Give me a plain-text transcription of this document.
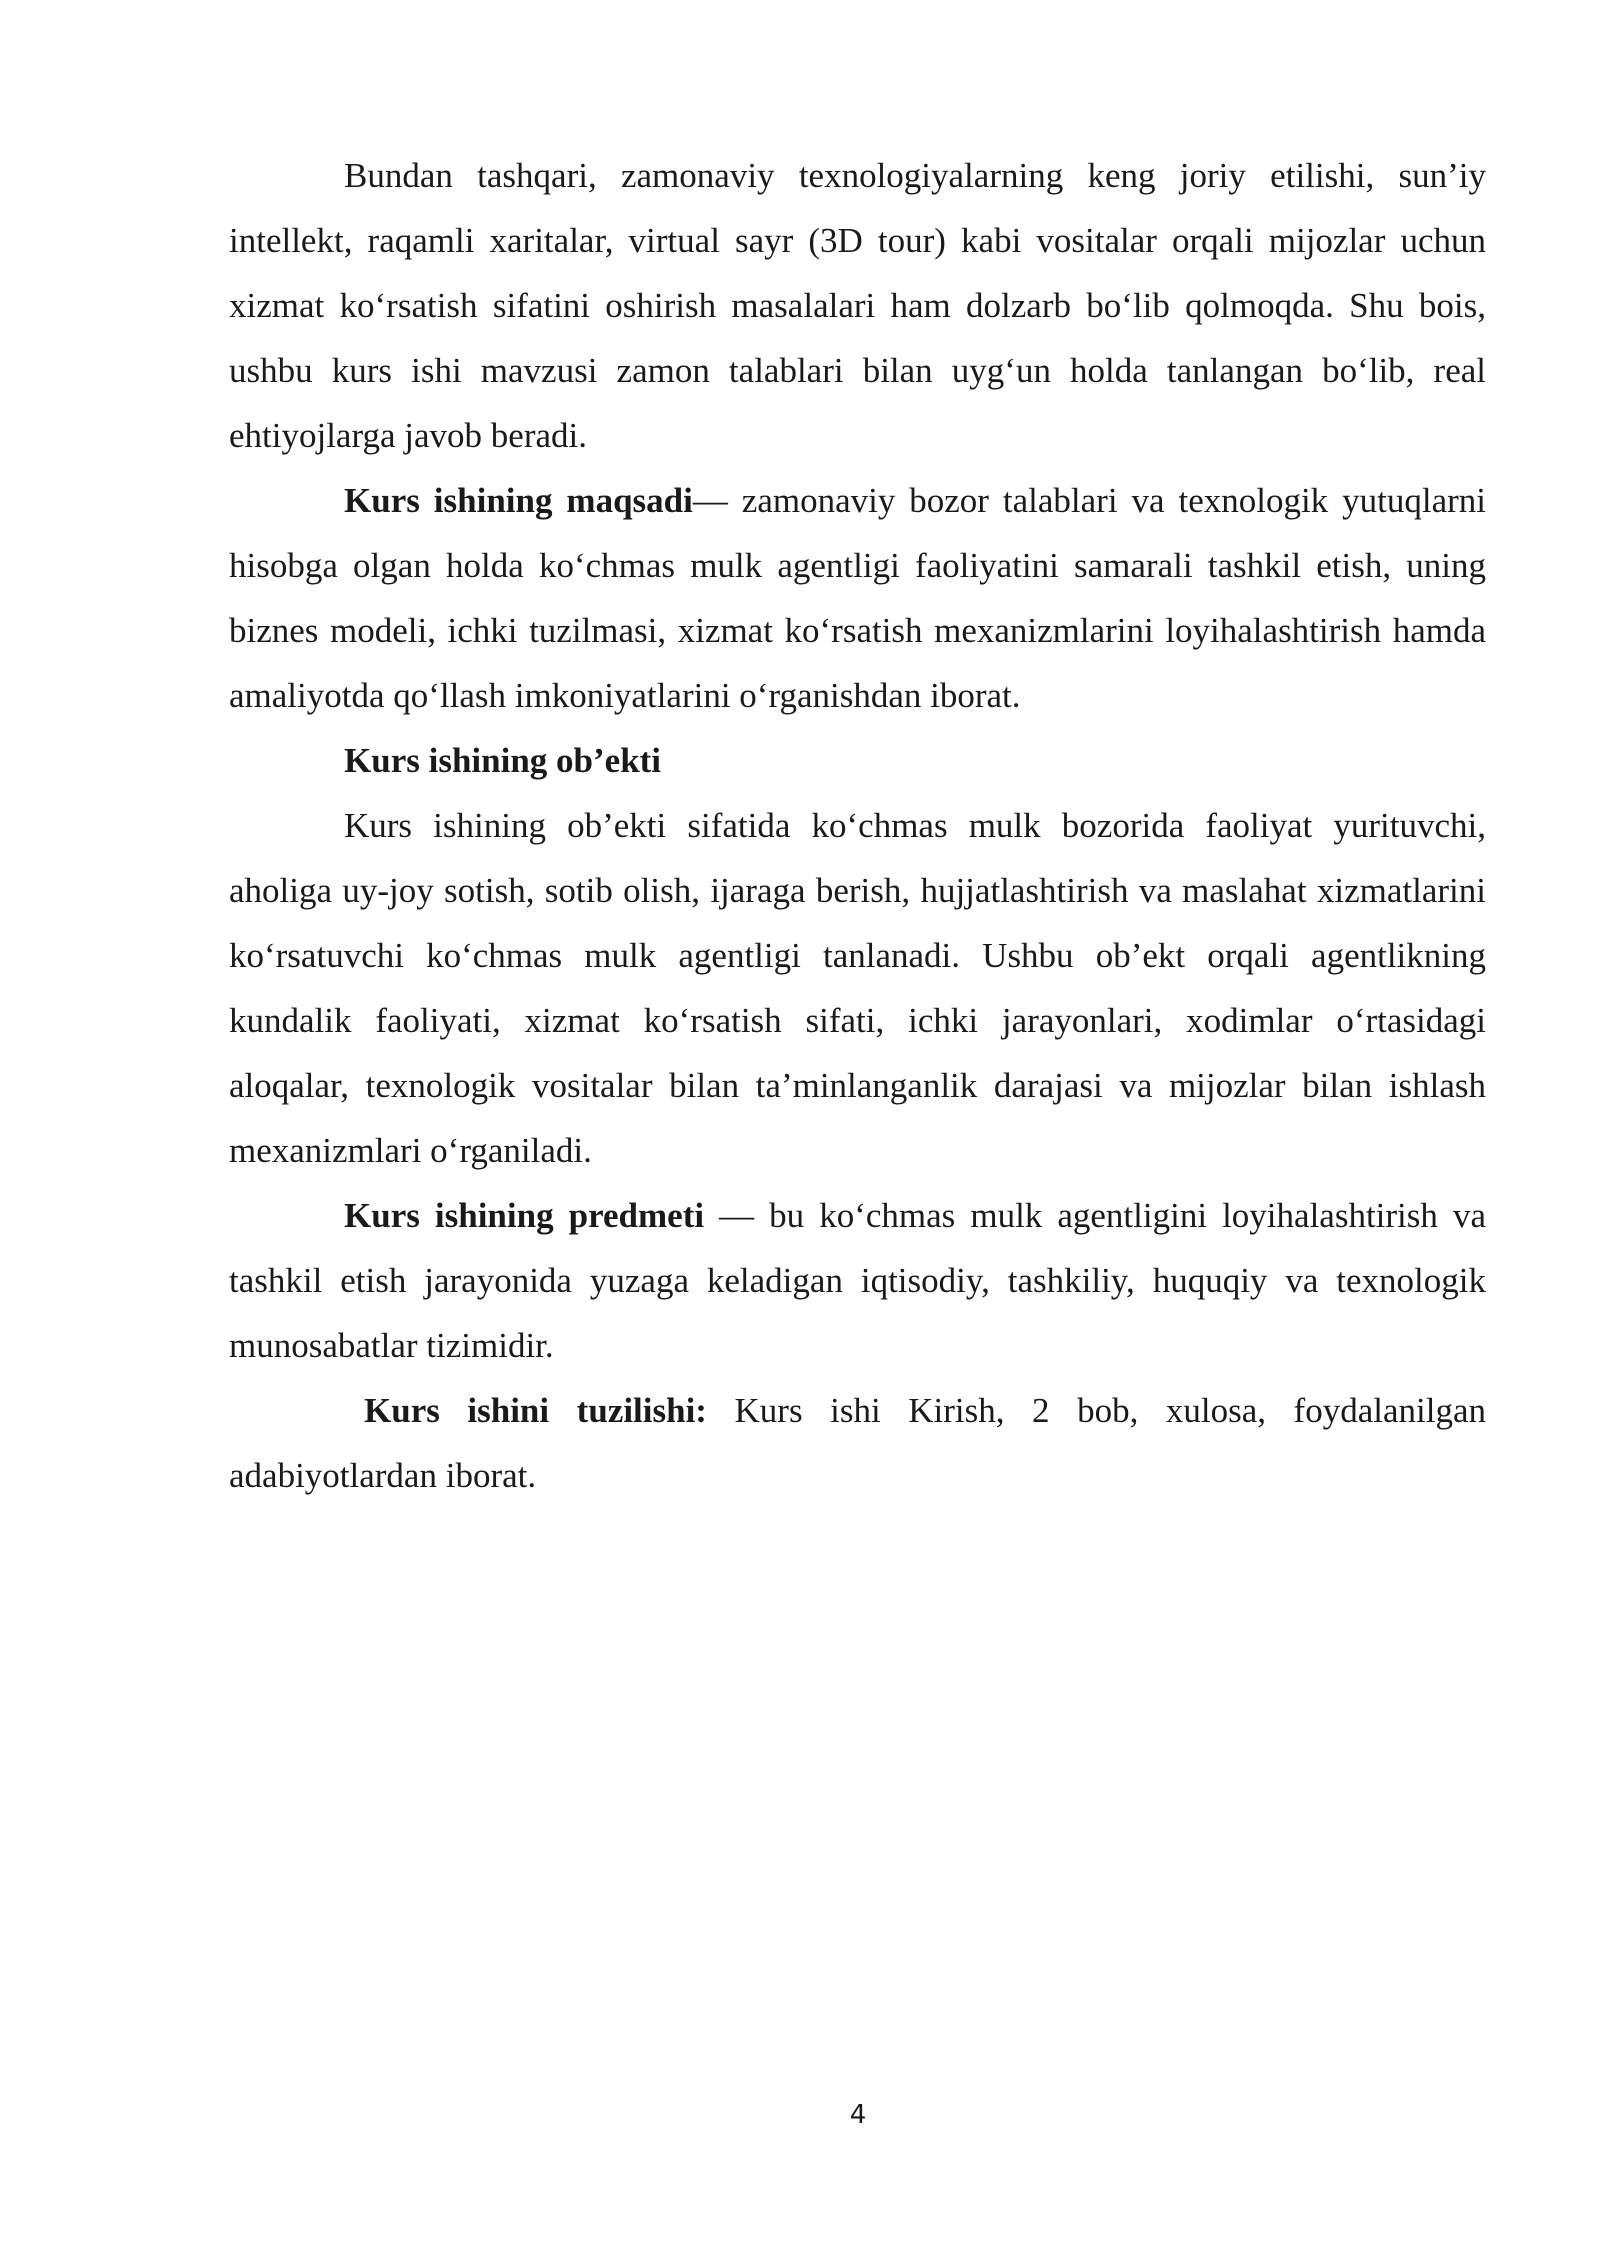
Bundan tashqari, zamonaviy texnologiyalarning keng joriy etilishi, sun’iy intellekt, raqamli xaritalar, virtual sayr (3D tour) kabi vositalar orqali mijozlar uchun xizmat ko‘rsatish sifatini oshirish masalalari ham dolzarb bo‘lib qolmoqda. Shu bois, ushbu kurs ishi mavzusi zamon talablari bilan uyg‘un holda tanlangan bo‘lib, real ehtiyojlarga javob beradi.

Kurs ishining maqsadi— zamonaviy bozor talablari va texnologik yutuqlarni hisobga olgan holda ko‘chmas mulk agentligi faoliyatini samarali tashkil etish, uning biznes modeli, ichki tuzilmasi, xizmat ko‘rsatish mexanizmlarini loyihalashtirish hamda amaliyotda qo‘llash imkoniyatlarini o‘rganishdan iborat.

Kurs ishining ob’ekti

Kurs ishining ob’ekti sifatida ko‘chmas mulk bozorida faoliyat yurituvchi, aholiga uy-joy sotish, sotib olish, ijaraga berish, hujjatlashtirish va maslahat xizmatlarini ko‘rsatuvchi ko‘chmas mulk agentligi tanlanadi. Ushbu ob’ekt orqali agentlikning kundalik faoliyati, xizmat ko‘rsatish sifati, ichki jarayonlari, xodimlar o‘rtasidagi aloqalar, texnologik vositalar bilan ta’minlanganlik darajasi va mijozlar bilan ishlash mexanizmlari o‘rganiladi.

Kurs ishining predmeti — bu ko‘chmas mulk agentligini loyihalashtirish va tashkil etish jarayonida yuzaga keladigan iqtisodiy, tashkiliy, huquqiy va texnologik munosabatlar tizimidir.

Kurs ishini tuzilishi: Kurs ishi Kirish, 2 bob, xulosa, foydalanilgan adabiyotlardan iborat.

4
